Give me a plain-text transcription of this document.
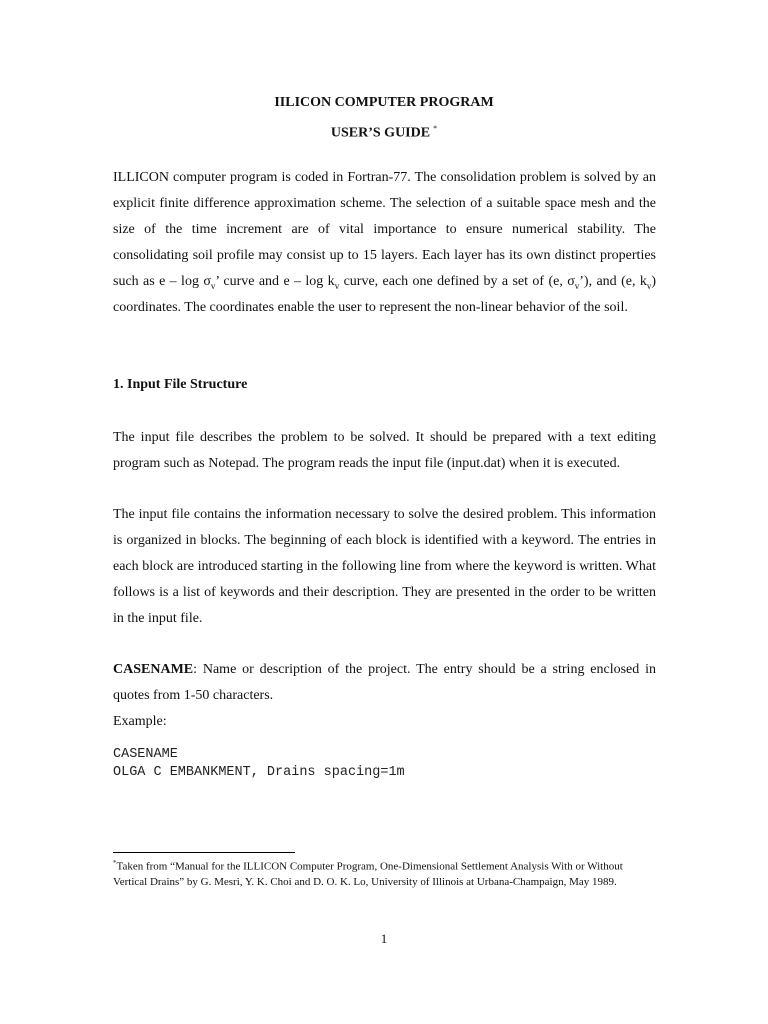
IILICON COMPUTER PROGRAM
USER’S GUIDE *

ILLICON computer program is coded in Fortran-77. The consolidation problem is solved by an explicit finite difference approximation scheme. The selection of a suitable space mesh and the size of the time increment are of vital importance to ensure numerical stability. The consolidating soil profile may consist up to 15 layers. Each layer has its own distinct properties such as e – $\log \sigma_v$’ curve and e – $\log k_v$ curve, each one defined by a set of (e, $\sigma_v$’), and (e, $k_v$) coordinates. The coordinates enable the user to represent the non-linear behavior of the soil.

1. Input File Structure

The input file describes the problem to be solved. It should be prepared with a text editing program such as Notepad. The program reads the input file (input.dat) when it is executed.

The input file contains the information necessary to solve the desired problem. This information is organized in blocks. The beginning of each block is identified with a keyword. The entries in each block are introduced starting in the following line from where the keyword is written. What follows is a list of keywords and their description. They are presented in the order to be written in the input file.

CASENAME: Name or description of the project. The entry should be a string enclosed in quotes from 1-50 characters.

Example:
CASENAME
OLGA C EMBANKMENT, Drains spacing=1m
*Taken from “Manual for the ILLICON Computer Program, One-Dimensional Settlement Analysis With or Without Vertical Drains” by G. Mesri, Y. K. Choi and D. O. K. Lo, University of Illinois at Urbana-Champaign, May 1989.
1
